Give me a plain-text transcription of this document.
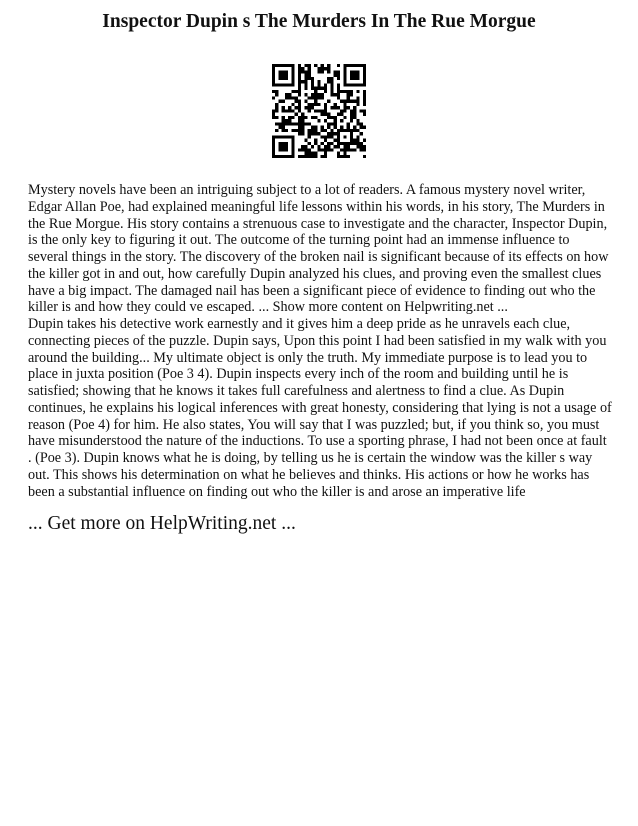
Inspector Dupin s The Murders In The Rue Morgue

Mystery novels have been an intriguing subject to a lot of readers. A famous mystery novel writer, Edgar Allan Poe, had explained meaningful life lessons within his words, in his story, The Murders in the Rue Morgue. His story contains a strenuous case to investigate and the character, Inspector Dupin, is the only key to figuring it out. The outcome of the turning point had an immense influence to several things in the story. The discovery of the broken nail is significant because of its effects on how the killer got in and out, how carefully Dupin analyzed his clues, and proving even the smallest clues have a big impact. The damaged nail has been a significant piece of evidence to finding out who the killer is and how they could ve escaped. ... Show more content on Helpwriting.net ...

Dupin takes his detective work earnestly and it gives him a deep pride as he unravels each clue, connecting pieces of the puzzle. Dupin says, Upon this point I had been satisfied in my walk with you around the building... My ultimate object is only the truth. My immediate purpose is to lead you to place in juxta position (Poe 3 4). Dupin inspects every inch of the room and building until he is satisfied; showing that he knows it takes full carefulness and alertness to find a clue. As Dupin continues, he explains his logical inferences with great honesty, considering that lying is not a usage of reason (Poe 4) for him. He also states, You will say that I was puzzled; but, if you think so, you must have misunderstood the nature of the inductions. To use a sporting phrase, I had not been once at fault . (Poe 3). Dupin knows what he is doing, by telling us he is certain the window was the killer s way out. This shows his determination on what he believes and thinks. His actions or how he works has been a substantial influence on finding out who the killer is and arose an imperative life

... Get more on HelpWriting.net ...
